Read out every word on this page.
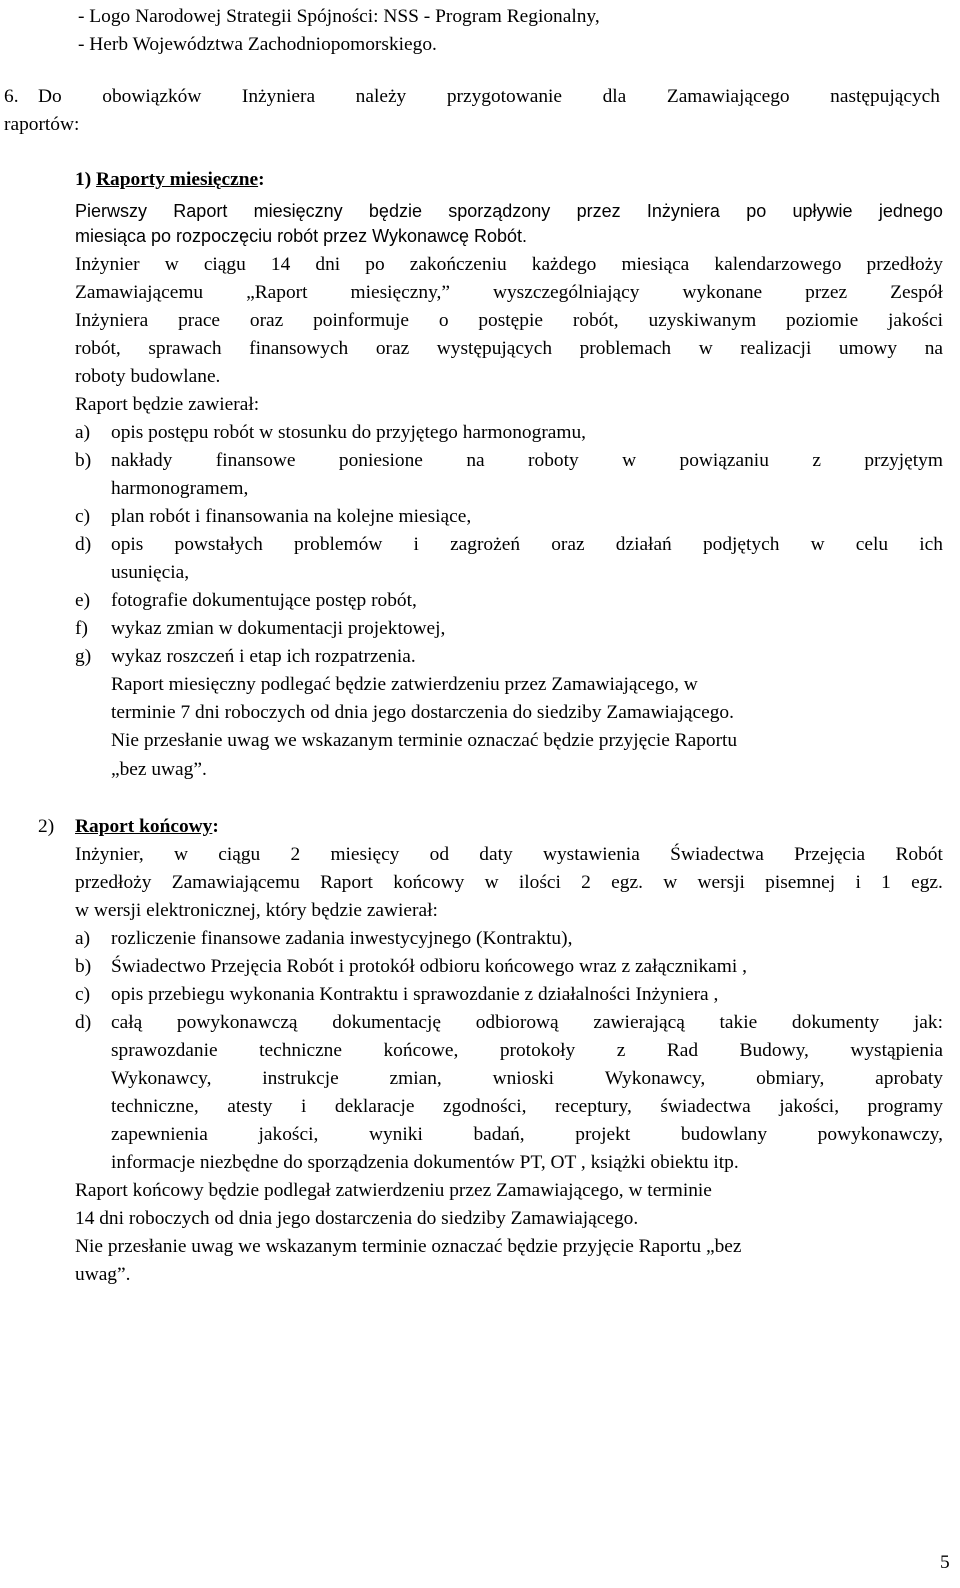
- Logo Narodowej Strategii Spójności: NSS - Program Regionalny,
- Herb Województwa Zachodniopomorskiego.
6. Do obowiązków Inżyniera należy przygotowanie dla Zamawiającego następujących
raportów:
1) Raporty miesięczne:
Pierwszy Raport miesięczny będzie sporządzony przez Inżyniera po upływie jednego
miesiąca po rozpoczęciu robót przez Wykonawcę Robót.
Inżynier w ciągu 14 dni po zakończeniu każdego miesiąca kalendarzowego przedłoży
Zamawiającemu „Raport miesięczny,” wyszczególniający wykonane przez Zespół
Inżyniera prace oraz poinformuje o postępie robót, uzyskiwanym poziomie jakości
robót, sprawach finansowych oraz występujących problemach w realizacji umowy na
roboty budowlane.
Raport będzie zawierał:
a) opis postępu robót w stosunku do przyjętego harmonogramu,
b) nakłady finansowe poniesione na roboty w powiązaniu z przyjętym
harmonogramem,
c) plan robót i finansowania na kolejne miesiące,
d) opis powstałych problemów i zagrożeń oraz działań podjętych w celu ich
usunięcia,
e) fotografie dokumentujące postęp robót,
f) wykaz zmian w dokumentacji projektowej,
g) wykaz roszczeń i etap ich rozpatrzenia.
Raport miesięczny podlegać będzie zatwierdzeniu przez Zamawiającego, w
terminie 7 dni roboczych od dnia jego dostarczenia do siedziby Zamawiającego.
Nie przesłanie uwag we wskazanym terminie oznaczać będzie przyjęcie Raportu
„bez uwag”.
2) Raport końcowy:
Inżynier, w ciągu 2 miesięcy od daty wystawienia Świadectwa Przejęcia Robót
przedłoży Zamawiającemu Raport końcowy w ilości 2 egz. w wersji pisemnej i 1 egz.
w wersji elektronicznej, który będzie zawierał:
a) rozliczenie finansowe zadania inwestycyjnego (Kontraktu),
b) Świadectwo Przejęcia Robót i protokół odbioru końcowego wraz z załącznikami ,
c) opis przebiegu wykonania Kontraktu i sprawozdanie z działalności Inżyniera ,
d) całą powykonawczą dokumentację odbiorową zawierającą takie dokumenty jak:
sprawozdanie techniczne końcowe, protokoły z Rad Budowy, wystąpienia
Wykonawcy,	instrukcje	zmian,	wnioski	Wykonawcy,	obmiary,	aprobaty
techniczne, atesty i deklaracje zgodności, receptury, świadectwa jakości, programy
zapewnienia	jakości,	wyniki	badań,	projekt	budowlany	powykonawczy,
informacje niezbędne do sporządzenia dokumentów PT, OT , książki obiektu itp.
Raport końcowy będzie podlegał zatwierdzeniu przez Zamawiającego, w terminie
14 dni roboczych od dnia jego dostarczenia do siedziby Zamawiającego.
Nie przesłanie uwag we wskazanym terminie oznaczać będzie przyjęcie Raportu „bez
uwag”.
5
